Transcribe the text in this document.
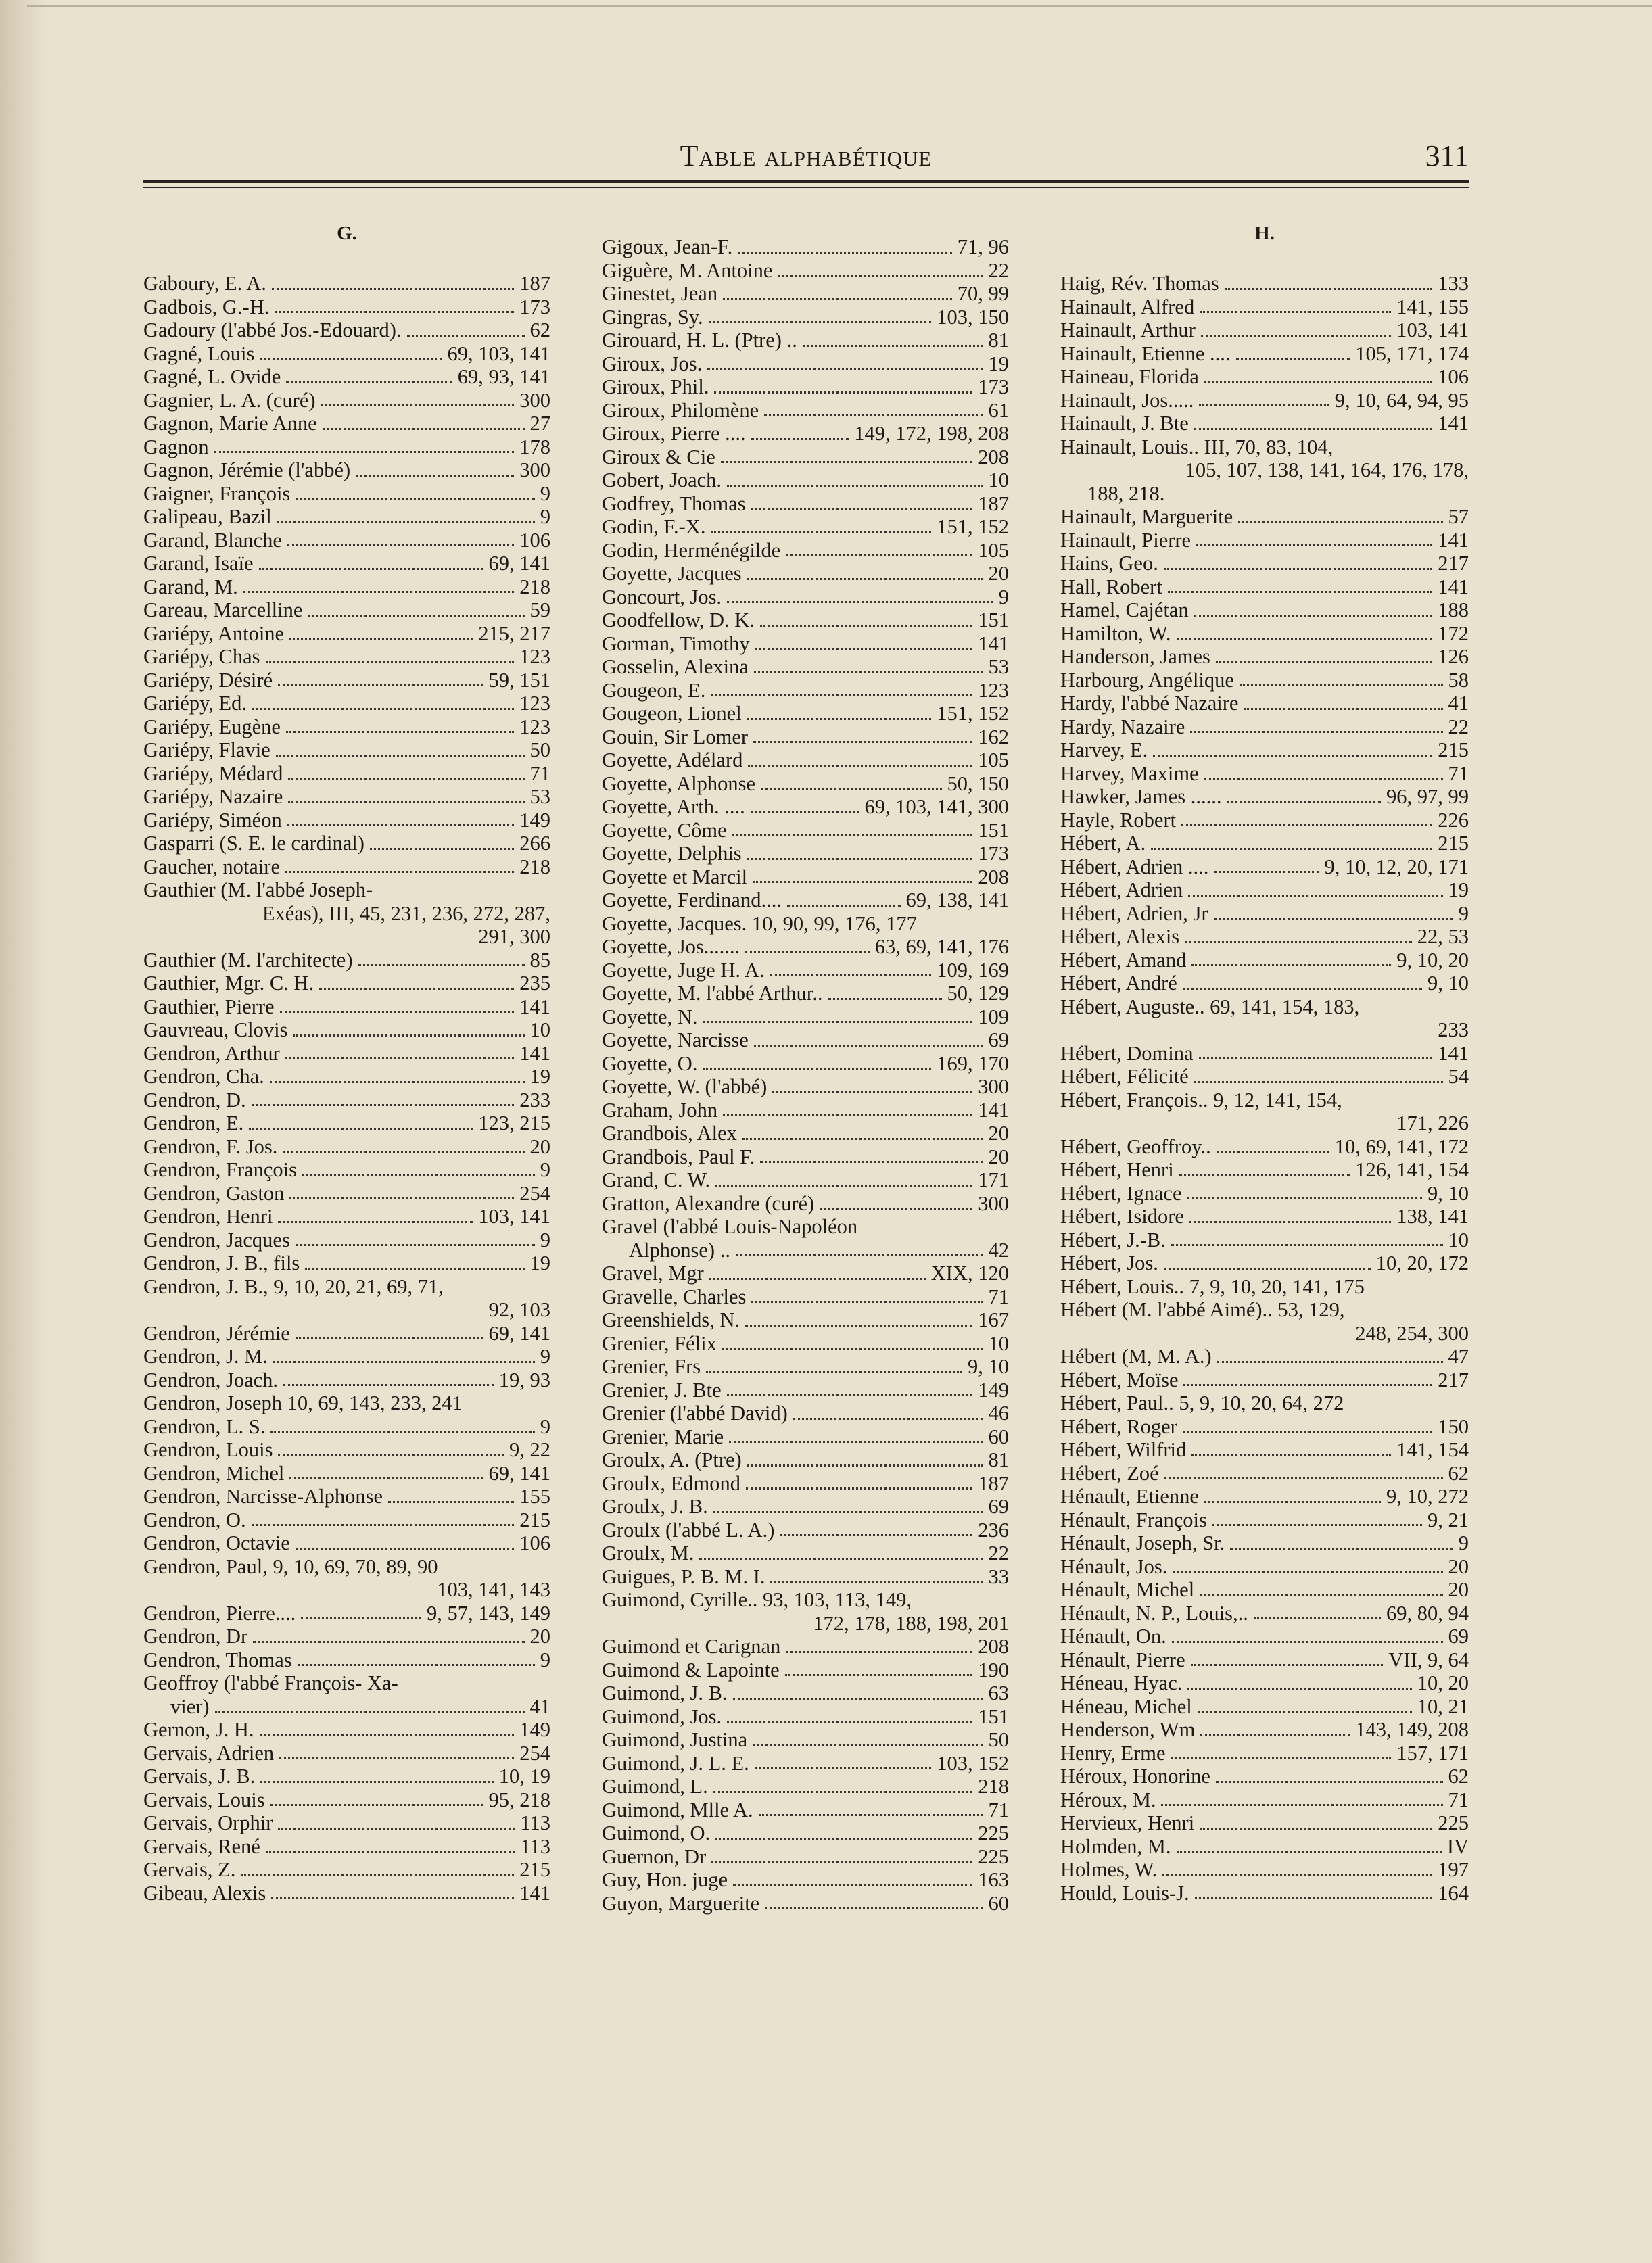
Table alphabétique	311
G.
Gaboury, E. A.	187
Gadbois, G.-H.	173
Gadoury (l'abbé Jos.-Edouard).	62
Gagné, Louis	69, 103, 141
Gagné, L. Ovide	69, 93, 141
Gagnier, L. A. (curé)	300
Gagnon, Marie Anne	27
Gagnon	178
Gagnon, Jérémie (l'abbé)	300
Gaigner, François	9
Galipeau, Bazil	9
Garand, Blanche	106
Garand, Isaïe	69, 141
Garand, M.	218
Gareau, Marcelline	59
Gariépy, Antoine	215, 217
Gariépy, Chas	123
Gariépy, Désiré	59, 151
Gariépy, Ed.	123
Gariépy, Eugène	123
Gariépy, Flavie	50
Gariépy, Médard	71
Gariépy, Nazaire	53
Gariépy, Siméon	149
Gasparri (S. E. le cardinal)	266
Gaucher, notaire	218
Gauthier (M. l'abbé Joseph-
Exéas), III, 45, 231, 236, 272, 287,
291, 300
Gauthier (M. l'architecte)	85
Gauthier, Mgr. C. H.	235
Gauthier, Pierre	141
Gauvreau, Clovis	10
Gendron, Arthur	141
Gendron, Cha.	19
Gendron, D.	233
Gendron, E.	123, 215
Gendron, F. Jos.	20
Gendron, François	9
Gendron, Gaston	254
Gendron, Henri	103, 141
Gendron, Jacques	9
Gendron, J. B., fils	19
Gendron, J. B., 9, 10, 20, 21, 69, 71,
92, 103
Gendron, Jérémie	69, 141
Gendron, J. M.	9
Gendron, Joach.	19, 93
Gendron, Joseph 10, 69, 143, 233, 241
Gendron, L. S.	9
Gendron, Louis	9, 22
Gendron, Michel	69, 141
Gendron, Narcisse-Alphonse	155
Gendron, O.	215
Gendron, Octavie	106
Gendron, Paul, 9, 10, 69, 70, 89, 90
103, 141, 143
Gendron, Pierre....	9, 57, 143, 149
Gendron, Dr	20
Gendron, Thomas	9
Geoffroy (l'abbé François- Xa-
vier)	41
Gernon, J. H.	149
Gervais, Adrien	254
Gervais, J. B.	10, 19
Gervais, Louis	95, 218
Gervais, Orphir	113
Gervais, René	113
Gervais, Z.	215
Gibeau, Alexis	141
Gigoux, Jean-F.	71, 96
Giguère, M. Antoine	22
Ginestet, Jean	70, 99
Gingras, Sy.	103, 150
Girouard, H. L. (Ptre) ..	81
Giroux, Jos.	19
Giroux, Phil.	173
Giroux, Philomène	61
Giroux, Pierre ....	149, 172, 198, 208
Giroux & Cie	208
Gobert, Joach.	10
Godfrey, Thomas	187
Godin, F.-X.	151, 152
Godin, Herménégilde	105
Goyette, Jacques	20
Goncourt, Jos.	9
Goodfellow, D. K.	151
Gorman, Timothy	141
Gosselin, Alexina	53
Gougeon, E.	123
Gougeon, Lionel	151, 152
Gouin, Sir Lomer	162
Goyette, Adélard	105
Goyette, Alphonse	50, 150
Goyette, Arth. ....	69, 103, 141, 300
Goyette, Côme	151
Goyette, Delphis	173
Goyette et Marcil	208
Goyette, Ferdinand....	69, 138, 141
Goyette, Jacques. 10, 90, 99, 176, 177
Goyette, Jos.......	63, 69, 141, 176
Goyette, Juge H. A.	109, 169
Goyette, M. l'abbé Arthur..	50, 129
Goyette, N.	109
Goyette, Narcisse	69
Goyette, O.	169, 170
Goyette, W. (l'abbé)	300
Graham, John	141
Grandbois, Alex	20
Grandbois, Paul F.	20
Grand, C. W.	171
Gratton, Alexandre (curé)	300
Gravel (l'abbé Louis-Napoléon
Alphonse) ..	42
Gravel, Mgr	XIX, 120
Gravelle, Charles	71
Greenshields, N.	167
Grenier, Félix	10
Grenier, Frs	9, 10
Grenier, J. Bte	149
Grenier (l'abbé David)	46
Grenier, Marie	60
Groulx, A. (Ptre)	81
Groulx, Edmond	187
Groulx, J. B.	69
Groulx (l'abbé L. A.)	236
Groulx, M.	22
Guigues, P. B. M. I.	33
Guimond, Cyrille.. 93, 103, 113, 149,
172, 178, 188, 198, 201
Guimond et Carignan	208
Guimond & Lapointe	190
Guimond, J. B.	63
Guimond, Jos.	151
Guimond, Justina	50
Guimond, J. L. E.	103, 152
Guimond, L.	218
Guimond, Mlle A.	71
Guimond, O.	225
Guernon, Dr	225
Guy, Hon. juge	163
Guyon, Marguerite	60
H.
Haig, Rév. Thomas	133
Hainault, Alfred	141, 155
Hainault, Arthur	103, 141
Hainault, Etienne ....	105, 171, 174
Haineau, Florida	106
Hainault, Jos.....	9, 10, 64, 94, 95
Hainault, J. Bte	141
Hainault, Louis.. III, 70, 83, 104,
105, 107, 138, 141, 164, 176, 178,
188, 218.
Hainault, Marguerite	57
Hainault, Pierre	141
Hains, Geo.	217
Hall, Robert	141
Hamel, Cajétan	188
Hamilton, W.	172
Handerson, James	126
Harbourg, Angélique	58
Hardy, l'abbé Nazaire	41
Hardy, Nazaire	22
Harvey, E.	215
Harvey, Maxime	71
Hawker, James ......	96, 97, 99
Hayle, Robert	226
Hébert, A.	215
Hébert, Adrien ....	9, 10, 12, 20, 171
Hébert, Adrien	19
Hébert, Adrien, Jr	9
Hébert, Alexis	22, 53
Hébert, Amand	9, 10, 20
Hébert, André	9, 10
Hébert, Auguste.. 69, 141, 154, 183,
233
Hébert, Domina	141
Hébert, Félicité	54
Hébert, François.. 9, 12, 141, 154,
171, 226
Hébert, Geoffroy..	10, 69, 141, 172
Hébert, Henri	126, 141, 154
Hébert, Ignace	9, 10
Hébert, Isidore	138, 141
Hébert, J.-B.	10
Hébert, Jos.	10, 20, 172
Hébert, Louis.. 7, 9, 10, 20, 141, 175
Hébert (M. l'abbé Aimé).. 53, 129,
248, 254, 300
Hébert (M, M. A.)	47
Hébert, Moïse	217
Hébert, Paul.. 5, 9, 10, 20, 64, 272
Hébert, Roger	150
Hébert, Wilfrid	141, 154
Hébert, Zoé	62
Hénault, Etienne	9, 10, 272
Hénault, François	9, 21
Hénault, Joseph, Sr.	9
Hénault, Jos.	20
Hénault, Michel	20
Hénault, N. P., Louis,..	69, 80, 94
Hénault, On.	69
Hénault, Pierre	VII, 9, 64
Héneau, Hyac.	10, 20
Héneau, Michel	10, 21
Henderson, Wm	143, 149, 208
Henry, Erme	157, 171
Héroux, Honorine	62
Héroux, M.	71
Hervieux, Henri	225
Holmden, M.	IV
Holmes, W.	197
Hould, Louis-J.	164
